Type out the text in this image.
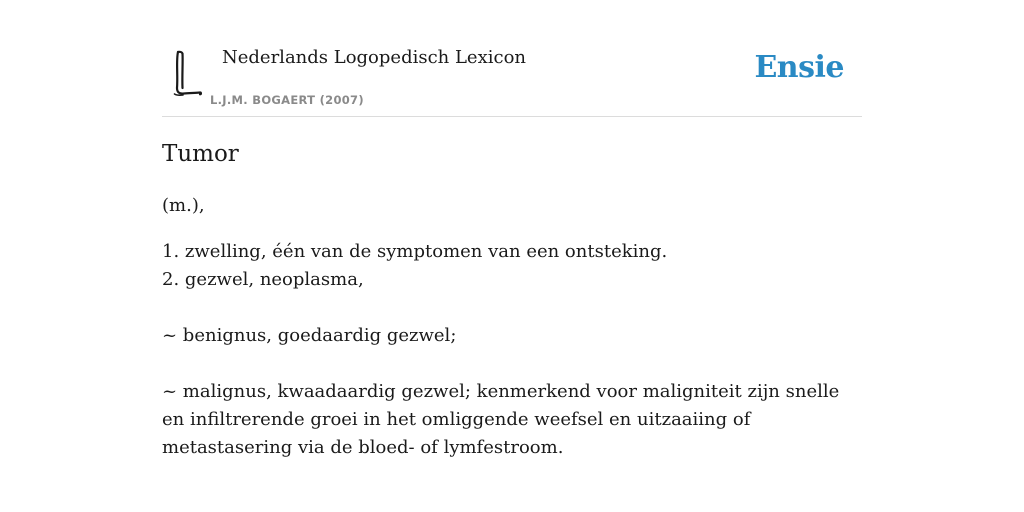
Nederlands Logopedisch Lexicon
L.J.M. BOGAERT (2007)
Ensie
Tumor

(m.),

1. zwelling, één van de symptomen van een ontsteking.

2. gezwel, neoplasma,

~ benignus, goedaardig gezwel;

~ malignus, kwaadaardig gezwel; kenmerkend voor maligniteit zijn snelle en infiltrerende groei in het omliggende weefsel en uitzaaiing of metastasering via de bloed- of lymfestroom.
